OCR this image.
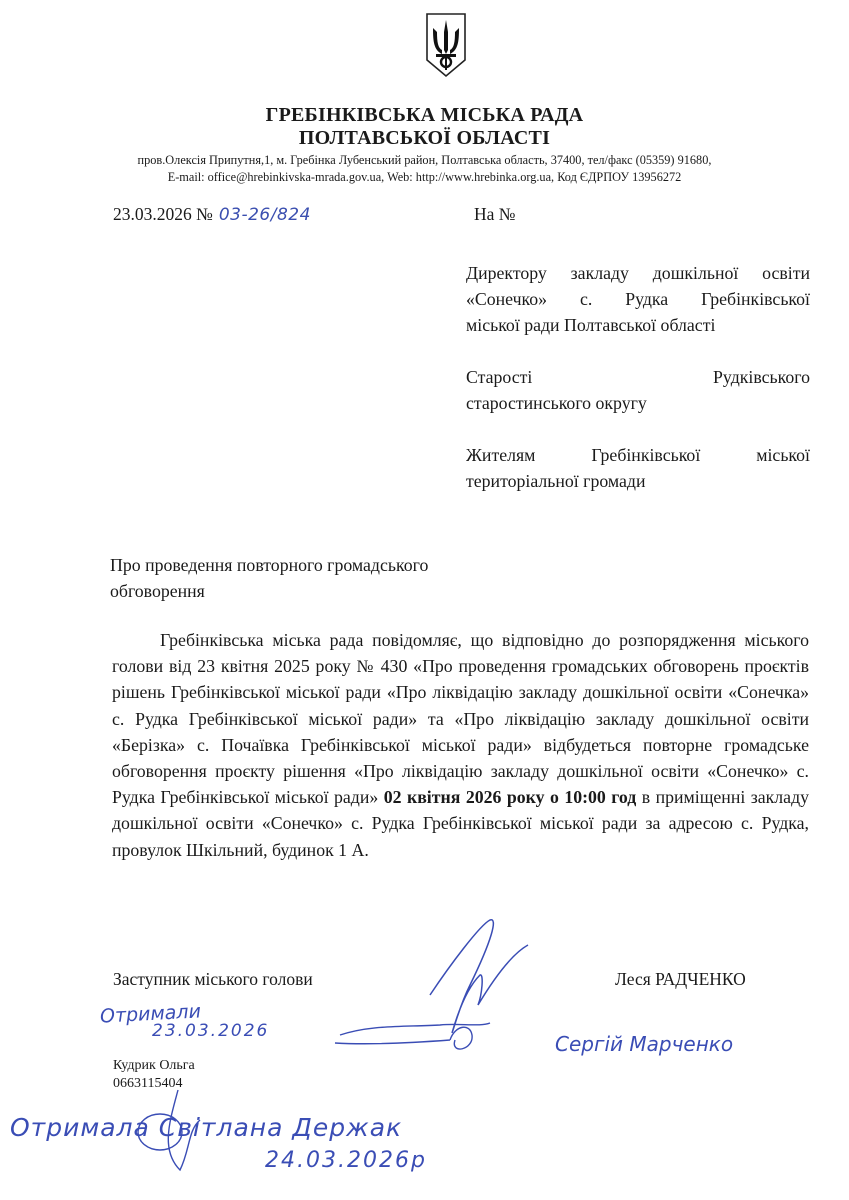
ГРЕБІНКІВСЬКА МІСЬКА РАДА
ПОЛТАВСЬКОЇ ОБЛАСТІ
пров.Олексія Припутня,1, м. Гребінка Лубенський район, Полтавська область, 37400, тел/факс (05359) 91680,
E-mail: office@hrebinkivska-mrada.gov.ua, Web: http://www.hrebinka.org.ua, Код ЄДРПОУ 13956272
23.03.2026 № 03-26/824	На №
Директору закладу дошкільної освіти
«Сонечко» с. Рудка Гребінківської
міської ради Полтавської області
Старості Рудківського
старостинського округу
Жителям Гребінківської міської
територіальної громади
Про проведення повторного громадського
обговорення

Гребінківська міська рада повідомляє, що відповідно до розпорядження міського голови від 23 квітня 2025 року № 430 «Про проведення громадських обговорень проєктів рішень Гребінківської міської ради «Про ліквідацію закладу дошкільної освіти «Сонечка» с. Рудка Гребінківської міської ради» та «Про ліквідацію закладу дошкільної освіти «Берізка» с. Почаївка Гребінківської міської ради» відбудеться повторне громадське обговорення проєкту рішення «Про ліквідацію закладу дошкільної освіти «Сонечко» с. Рудка Гребінківської міської ради» 02 квітня 2026 року о 10:00 год в приміщенні закладу дошкільної освіти «Сонечко» с. Рудка Гребінківської міської ради за адресою с. Рудка, провулок Шкільний, будинок 1 А.

Заступник міського голови	Леся РАДЧЕНКО
Отримали
23.03.2026
Сергій Марченко
Кудрик Ольга
0663115404
Отримала Світлана Держак
24.03.2026р
